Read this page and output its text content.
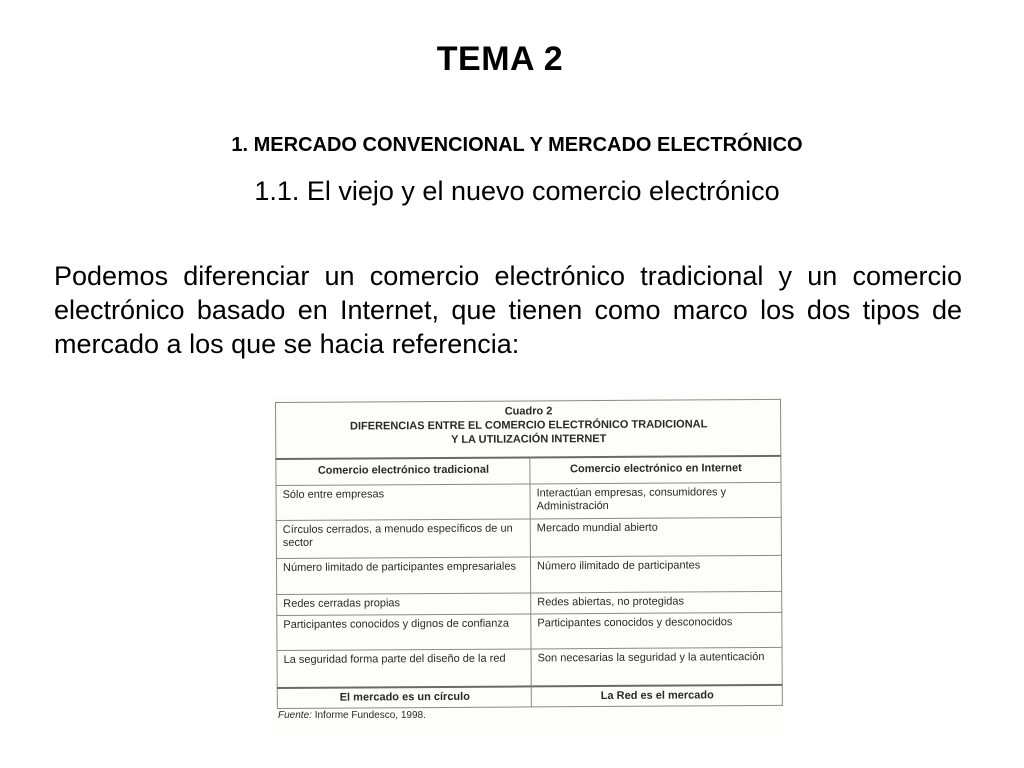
TEMA 2
1. MERCADO CONVENCIONAL Y MERCADO ELECTRÓNICO
1.1. El viejo y el nuevo comercio electrónico
Podemos diferenciar un comercio electrónico tradicional y un comercio electrónico basado en Internet, que tienen como marco los dos tipos de mercado a los que se hacia referencia:
Cuadro 2
DIFERENCIAS ENTRE EL COMERCIO ELECTRÓNICO TRADICIONAL
Y LA UTILIZACIÓN INTERNET	

Comercio electrónico tradicional	Comercio electrónico en Internet
Sólo entre empresas	Interactúan empresas, consumidores y Administración
Círculos cerrados, a menudo específicos de un sector	Mercado mundial abierto
Número limitado de participantes empresariales	Número ilimitado de participantes
Redes cerradas propias	Redes abiertas, no protegidas
Participantes conocidos y dignos de confianza	Participantes conocidos y desconocidos
La seguridad forma parte del diseño de la red	Son necesarias la seguridad y la autenticación
El mercado es un círculo	La Red es el mercado
Fuente: Informe Fundesco, 1998.
